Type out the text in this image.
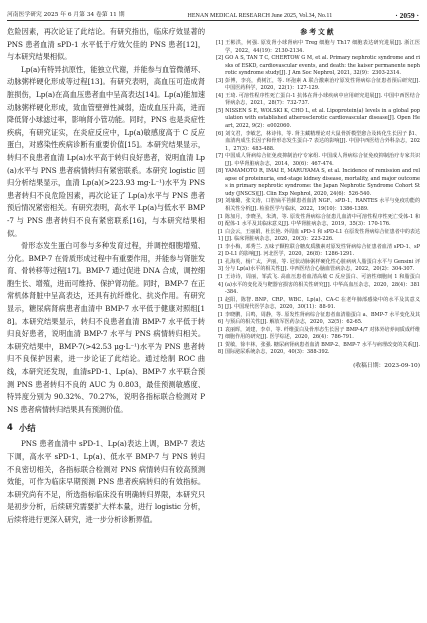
河南医学研究 2025 年 6 月第 34 卷第 11 期	HENAN MEDICAL RESEARCH June 2025, Vol.34, No.11	· 2059 ·

危险因素，再次论证了此结论。有研究指出，临床疗效显著的 PNS 患者血清 sPD-1 水平低于疗效欠佳的 PNS 患者[12]，与本研究结果相似。

Lp(a)有特异抗原性，能独立代谢，并能参与血管微循环、动脉粥样硬化形成等过程[13]。有研究表明，高血压可造成肾脏损伤，Lp(a)在高血压患者血中呈高表达[14]。Lp(a)能加速动脉粥样硬化形成，致血管壁弹性减弱，造成血压升高，进而降低肾小球滤过率，影响肾小管功能。同时，PNS 也是炎症性疾病，有研究证实，在炎症反应中，Lp(a)敏感度高于 C 反应蛋白，对感染性疾病诊断有重要价值[15]。本研究结果显示，转归不良患者血清 Lp(a)水平高于转归良好患者，说明血清 Lp(a)水平与 PNS 患者病情转归有紧密联系。本研究 logistic 回归分析结果显示，血清 Lp(a)(>223.93 mg·L⁻¹)水平为 PNS 患者转归不良危险因素，再次论证了 Lp(a)水平与 PNS 患者预后情况紧密相关。有研究表明，高水平 Lp(a)与低水平 BMP-7 与 PNS 患者转归不良有紧密联系[16]，与本研究结果相似。

骨形态发生蛋白可参与多种发育过程，并调控细胞增殖、分化。BMP-7 在骨质形成过程中有重要作用，并能参与肾脏发育、骨转移等过程[17]。BMP-7 通过促进 DNA 合成，调控细胞生长、增殖，进而可维持、保护肾功能。同时，BMP-7 在正常机体肾脏中呈高表达，还具有抗纤维化、抗炎作用。有研究显示，糖尿病肾病患者血清中 BMP-7 水平低于健康对照组[18]。本研究结果显示，转归不良患者血清 BMP-7 水平低于转归良好患者，说明血清 BMP-7 水平与 PNS 病情转归相关。本研究结果中，BMP-7(>42.53 μg·L⁻¹)水平为 PNS 患者转归不良保护因素，进一步论证了此结论。通过绘制 ROC 曲线，本研究还发现，血清sPD-1、Lp(a)、BMP-7 水平联合预测 PNS 患者转归不良的 AUC 为 0.803，最佳预测敏感度、特异度分别为 90.32%、70.27%，说明各指标联合检测对 PNS 患者病情转归结果具有预测价值。

4 小结

PNS 患者血清中 sPD-1、Lp(a)表达上调，BMP-7 表达下调，高水平 sPD-1、Lp(a)、低水平 BMP-7 与 PNS 转归不良密切相关，各指标联合检测对 PNS 病情转归有较高预测效能，可作为临床早期预测 PNS 患者疾病转归的有效指标。本研究尚有不足，所选指标临床没有明确转归界限，本研究只是初步分析，后续研究需要扩大样本量，进行 logistic 分析，后续将进行更深入研究，进一步分析诊断界值。

参考文献
[1] 王彬洪，何强. 原发肾小球肾病中 Treg 细胞与 Th17 细胞表达研究进展[J]. 浙江医学，2022，44(19)：2130-2134.
[2] GO A S, TAN T C, CHERTOW G M, et al. Primary nephrotic syndrome and risks of ESKD, cardiovascular events, and death: the kaiser permanente nephrotic syndrome study[J]. J Am Soc Nephrol, 2021, 32(9)：2303-2314.
[3] 彭博，李亮，黄树江，等. 环孢素 A 联合激素治疗原发性肾病综合征患者预后研究[J]. 中国医药科学，2020，22(1)：127-129.
[4] 王琦. 可溶性程序性死亡蛋白-1 抗体在肾小球疾病中应用研究进展[J]. 中国中西医结合肾病杂志，2021，28(7)：732-737.
[5] NISSEN S E, WOLSKI K, CHO L, et al. Lipoprotein(a) levels in a global population with established atherosclerotic cardiovascular disease[J]. Open Heart, 2022, 9(2)：e002060.
[6] 刘文君，李敏艺，林诗伟，等. 肾主藏精理论对大鼠骨折模型愈合及转化生长因子 β1、血清内成生长因子和骨形态发生蛋白-7 表达的影响[J]. 中国中西医结合外科杂志，2021，27(3)：483-488.
[7] 中国成人肾病综合征免疫抑制治疗专家组. 中国成人肾病综合征免疫抑制治疗专家共识[J]. 中华肾脏病杂志，2014，30(6)：467-474.
[8] YAMAMOTO R, IMAI E, MARUYAMA S, et al. Incidence of remission and relapse of proteinuria, end-stage kidney disease, mortality, and major outcomes in primary nephrotic syndrome: the Japan Nephrotic Syndrome Cohort Study (JNSCS)[J]. Clin Exp Nephrol, 2020, 24(6)：526-540.
[9] 刘瑜璐，张文涛，口腔扁平苔藓患者血清 NGF、sPD-1、RANTES 水平与免疫功能的相关性分析[J]. 检验医学与临床，2022，19(10)：1386-1389.
[10]
陈加月，李晓圣，朱鸿，等. 原发性肾病综合征患儿血清中可溶性程序性死亡受体-1 和配体-1 水平及其临床意义[J]. 中华肾脏病杂志，2019，35(3)：170-176.
[11]
白会云，王丽娟，杜长艳. 外周血 sPD-1 和 sPD-L1 在原发性肾病综合征患者中的表达[J]. 临床肾脏病杂志，2020，20(3)：223-226.
[12]
李小梅，邓秀兰. 五味子颗粒联合糖皮质激素对原发性肾病综合征患者血清 sPD-1、sPD-L1 的影响[J]. 河北医学，2020，26(8)：1286-1291.
[13]
孔海英，杨广太，尹丽，等. 冠状动脉粥样硬化性心脏病病人脂蛋白水平与 Gensini 评分与 Lp(a)水平的相关性[J]. 中西医结合心脑血管病杂志，2022，20(2)：304-307.
[14]
王诗诗，周丽，邹武飞. 高血压患者血清高敏 C 反应蛋白、可溶性细胞间 1 和脂蛋白(a)水平的变化及与靶器官损害的相关性研究[J]. 中华高血压杂志，2020，28(4)：381-384.
[15]
赵阳，陈智. BNP、CRP、WBC、Lp(a)、CA-C 在老年肺部感染中的水平及其意义[J]. 中国现代医学杂志，2020，30(11)：88-91.
[16]
李晓鹏，吕鸣，周静，等. 原发性肾病综合征患者血清脂蛋白 a、BMP-7 水平变化及其与预后的相关性[J]. 解放军医药杂志，2020，32(5)：62-65.
[17]
袁丽晖，刘建，李卓，等. 纤维蛋白及骨形态生长因子 BMP-4/7 对体外培养间质成纤维细胞作用的研究[J]. 医学综述，2020，26(4)：786-791.
[18]
贺敏，徐丰林，张强. 糖尿病肾病患者血清 BMP-2、BMP-7 水平与病理改变的关系[J]. 国际泌尿系统杂志，2020，40(3)：388-392.
(收稿日期：2023-09-10)
